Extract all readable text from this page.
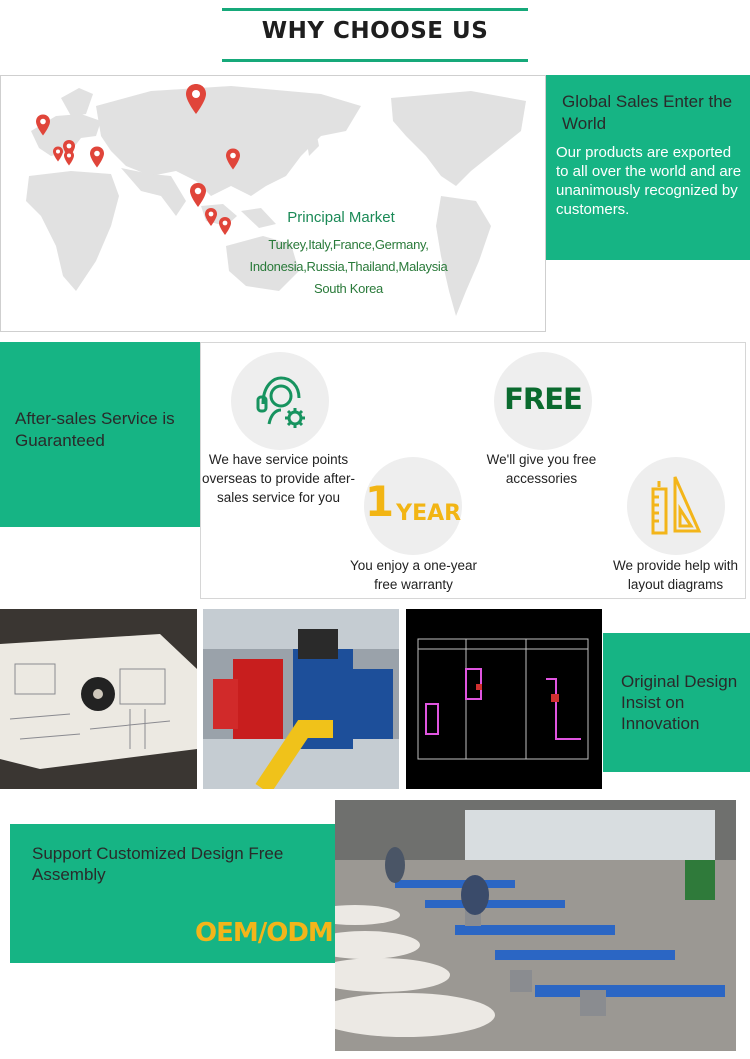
WHY CHOOSE US
Principal Market
Turkey,Italy,France,Germany,
Indonesia,Russia,Thailand,Malaysia
South Korea
Global Sales Enter the World
Our products are exported to all over the world and are unanimously recognized by customers.
We have service points overseas to provide after-sales service for you
FREE
We'll give you free accessories
1YEAR
You enjoy a one-year free warranty
We provide help with layout diagrams
After-sales Service is Guaranteed
Original Design Insist on Innovation
Support Customized Design Free Assembly
OEM/ODM
